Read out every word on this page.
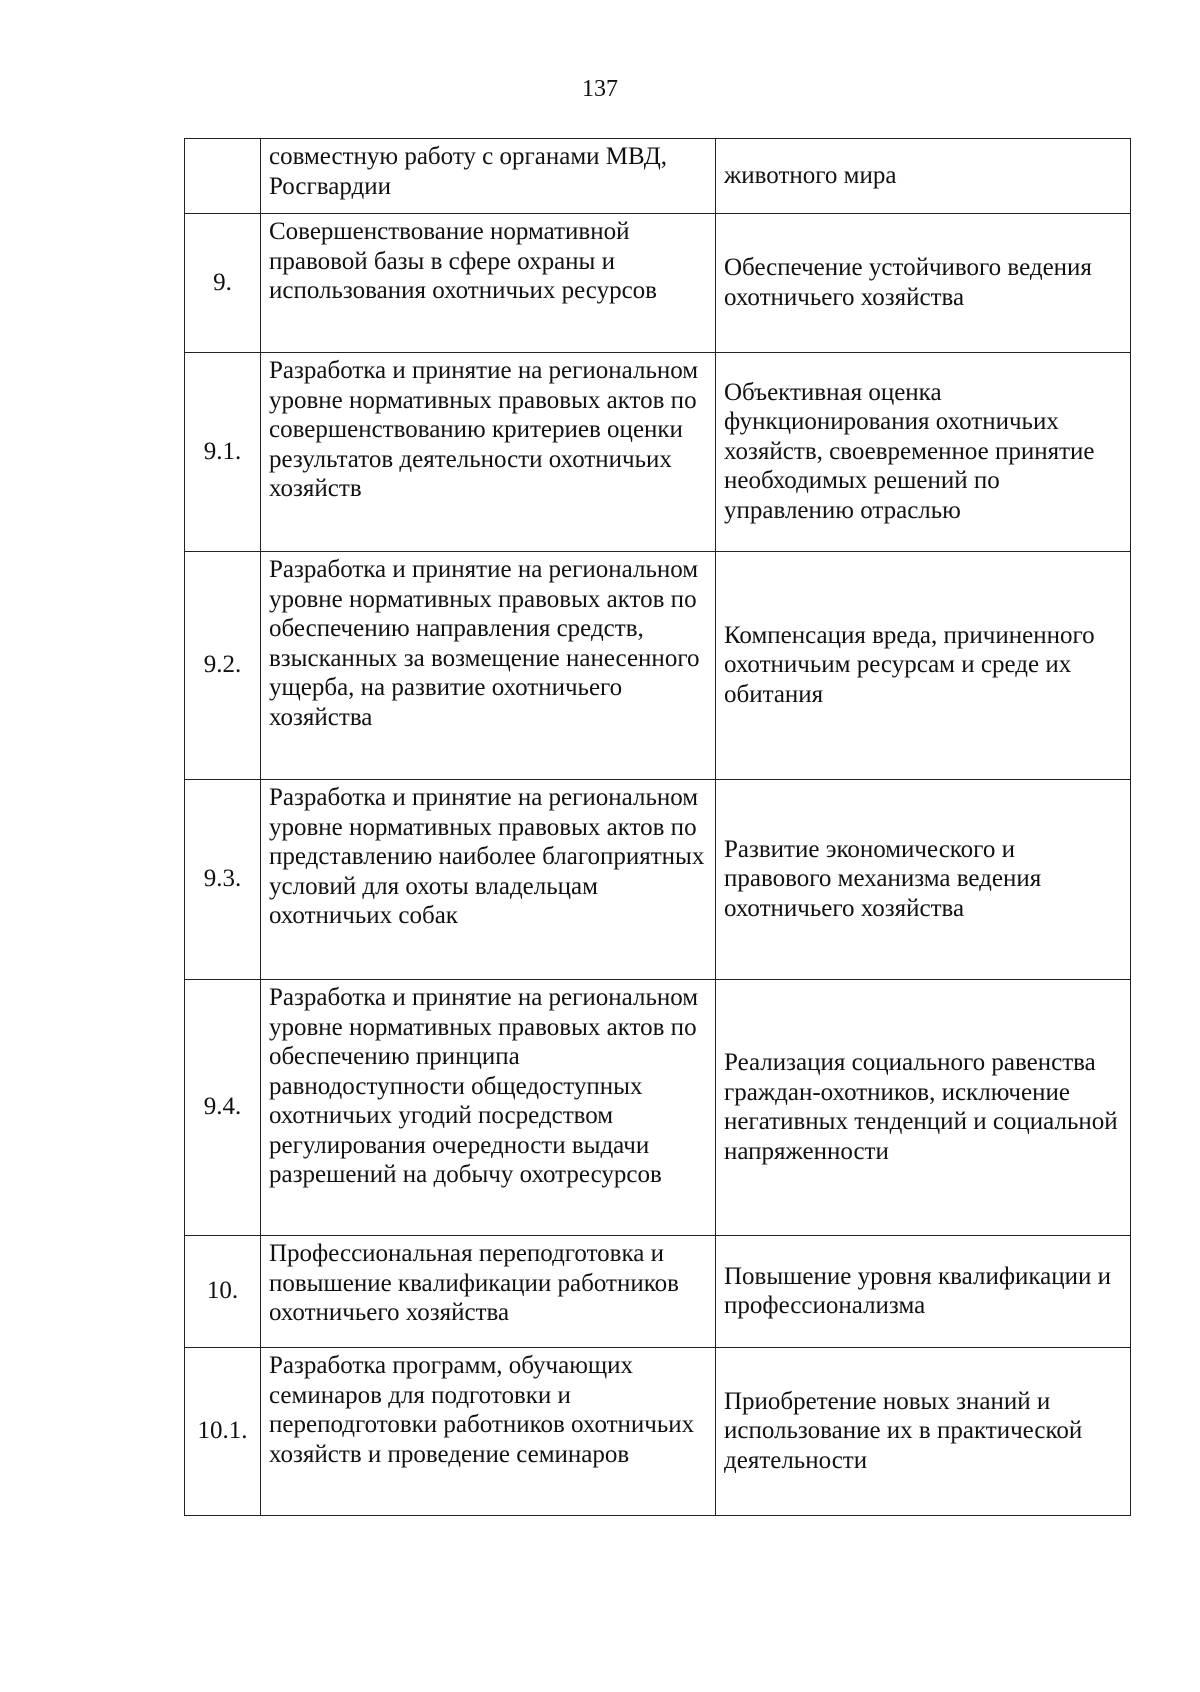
137
	совместную работу с органами МВД, Росгвардии	животного мира
9.	Совершенствование нормативной правовой базы в сфере охраны и использования охотничьих ресурсов	Обеспечение устойчивого ведения охотничьего хозяйства
9.1.	Разработка и принятие на региональном уровне нормативных правовых актов по совершенствованию критериев оценки результатов деятельности охотничьих хозяйств	Объективная оценка функционирования охотничьих хозяйств, своевременное принятие необходимых решений по управлению отраслью
9.2.	Разработка и принятие на региональном уровне нормативных правовых актов по обеспечению направления средств, взысканных за возмещение нанесенного ущерба, на развитие охотничьего хозяйства	Компенсация вреда, причиненного охотничьим ресурсам и среде их обитания
9.3.	Разработка и принятие на региональном уровне нормативных правовых актов по представлению наиболее благоприятных условий для охоты владельцам охотничьих собак	Развитие экономического и правового механизма ведения охотничьего хозяйства
9.4.	Разработка и принятие на региональном уровне нормативных правовых актов по обеспечению принципа равнодоступности общедоступных охотничьих угодий посредством регулирования очередности выдачи разрешений на добычу охотресурсов	Реализация социального равенства граждан-охотников, исключение негативных тенденций и социальной напряженности
10.	Профессиональная переподготовка и повышение квалификации работников охотничьего хозяйства	Повышение уровня квалификации и профессионализма
10.1.	Разработка программ, обучающих семинаров для подготовки и переподготовки работников охотничьих хозяйств и проведение семинаров	Приобретение новых знаний и использование их в практической деятельности
